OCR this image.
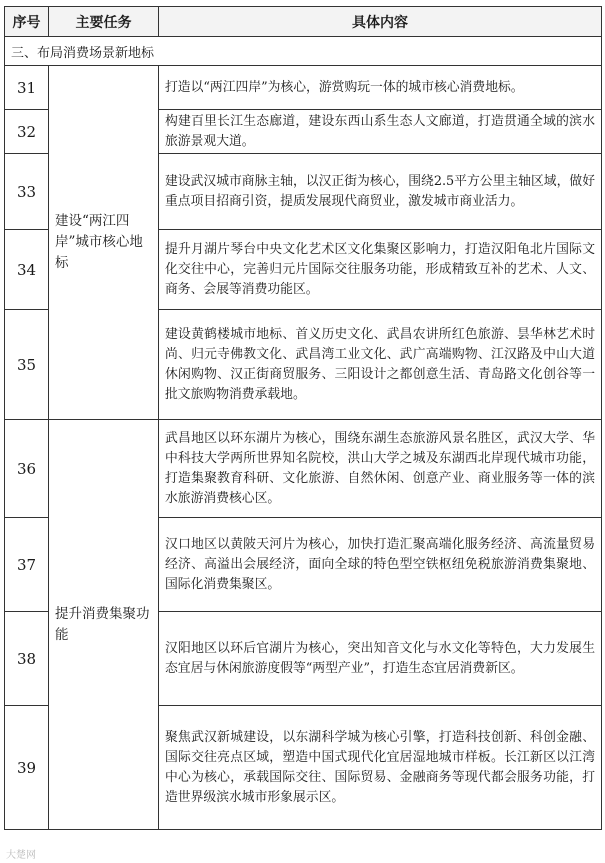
序号	主要任务	具体内容
三、布局消费场景新地标		
31	建设“两江四岸”城市核心地标	打造以“两江四岸”为核心，游赏购玩一体的城市核心消费地标。
32		构建百里长江生态廊道，建设东西山系生态人文廊道，打造贯通全域的滨水旅游景观大道。
33		建设武汉城市商脉主轴，以汉正街为核心，围绕2.5平方公里主轴区域，做好重点项目招商引资，提质发展现代商贸业，激发城市商业活力。
34		提升月湖片琴台中央文化艺术区文化集聚区影响力，打造汉阳龟北片国际文化交往中心，完善归元片国际交往服务功能，形成精致互补的艺术、人文、商务、会展等消费功能区。
35		建设黄鹤楼城市地标、首义历史文化、武昌农讲所红色旅游、昙华林艺术时尚、归元寺佛教文化、武昌湾工业文化、武广高端购物、江汉路及中山大道休闲购物、汉正街商贸服务、三阳设计之都创意生活、青岛路文化创谷等一批文旅购物消费承载地。
36	提升消费集聚功能	武昌地区以环东湖片为核心，围绕东湖生态旅游风景名胜区，武汉大学、华中科技大学两所世界知名院校，洪山大学之城及东湖西北岸现代城市功能，打造集聚教育科研、文化旅游、自然休闲、创意产业、商业服务等一体的滨水旅游消费核心区。
37		汉口地区以黄陂天河片为核心，加快打造汇聚高端化服务经济、高流量贸易经济、高溢出会展经济，面向全球的特色型空铁枢纽免税旅游消费集聚地、国际化消费集聚区。
38		汉阳地区以环后官湖片为核心，突出知音文化与水文化等特色，大力发展生态宜居与休闲旅游度假等“两型产业”，打造生态宜居消费新区。
39		聚焦武汉新城建设，以东湖科学城为核心引擎，打造科技创新、科创金融、国际交往亮点区域，塑造中国式现代化宜居湿地城市样板。长江新区以江湾中心为核心，承载国际交往、国际贸易、金融商务等现代都会服务功能，打造世界级滨水城市形象展示区。
大楚网
